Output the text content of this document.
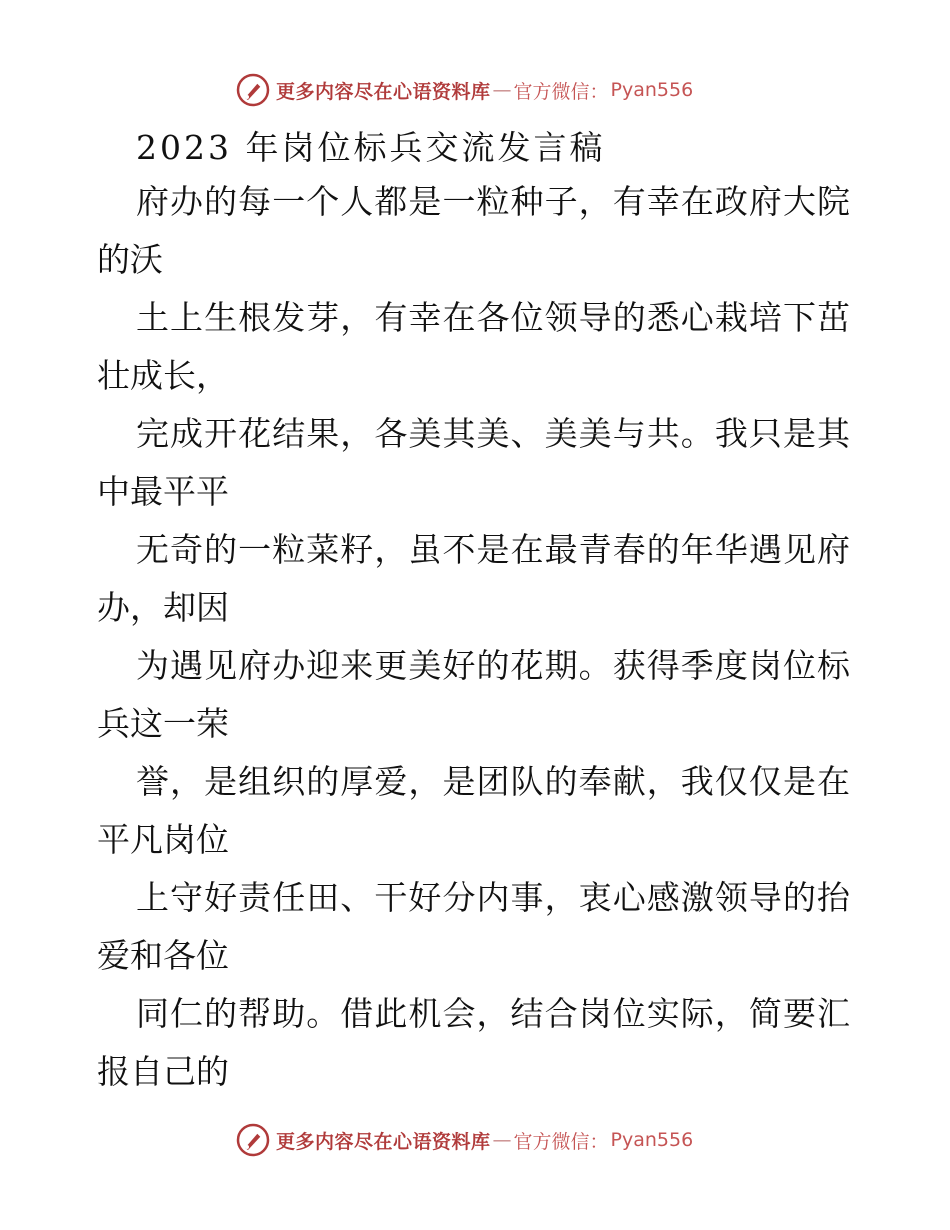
更多内容尽在心语资料库 — 官方微信： Pyan556
2023 年岗位标兵交流发言稿
府办的每一个人都是一粒种子，有幸在政府大院
的沃
土上生根发芽，有幸在各位领导的悉心栽培下茁
壮成长，
完成开花结果，各美其美、美美与共。我只是其
中最平平
无奇的一粒菜籽，虽不是在最青春的年华遇见府
办，却因
为遇见府办迎来更美好的花期。获得季度岗位标
兵这一荣
誉，是组织的厚爱，是团队的奉献，我仅仅是在
平凡岗位
上守好责任田、干好分内事，衷心感激领导的抬
爱和各位
同仁的帮助。借此机会，结合岗位实际，简要汇
报自己的
更多内容尽在心语资料库 — 官方微信： Pyan556
